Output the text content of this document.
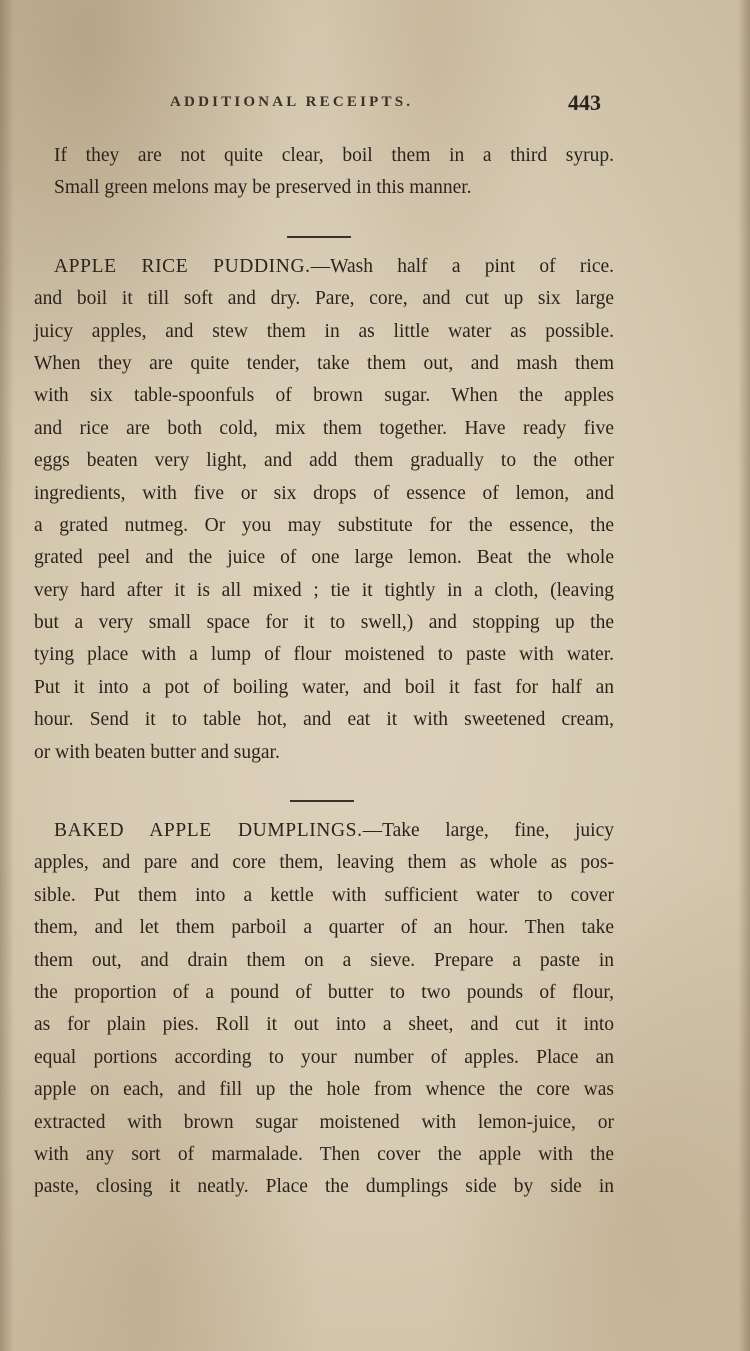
ADDITIONAL RECEIPTS.	443
If they are not quite clear, boil them in a third syrup.
Small green melons may be preserved in this manner.
APPLE RICE PUDDING.—Wash half a pint of rice.
and boil it till soft and dry. Pare, core, and cut up six large
juicy apples, and stew them in as little water as possible.
When they are quite tender, take them out, and mash them
with six table-spoonfuls of brown sugar. When the apples
and rice are both cold, mix them together. Have ready five
eggs beaten very light, and add them gradually to the other
ingredients, with five or six drops of essence of lemon, and
a grated nutmeg. Or you may substitute for the essence, the
grated peel and the juice of one large lemon. Beat the whole
very hard after it is all mixed ; tie it tightly in a cloth, (leaving
but a very small space for it to swell,) and stopping up the
tying place with a lump of flour moistened to paste with water.
Put it into a pot of boiling water, and boil it fast for half an
hour. Send it to table hot, and eat it with sweetened cream,
or with beaten butter and sugar.
BAKED APPLE DUMPLINGS.—Take large, fine, juicy
apples, and pare and core them, leaving them as whole as pos-
sible. Put them into a kettle with sufficient water to cover
them, and let them parboil a quarter of an hour. Then take
them out, and drain them on a sieve. Prepare a paste in
the proportion of a pound of butter to two pounds of flour,
as for plain pies. Roll it out into a sheet, and cut it into
equal portions according to your number of apples. Place an
apple on each, and fill up the hole from whence the core was
extracted with brown sugar moistened with lemon-juice, or
with any sort of marmalade. Then cover the apple with the
paste, closing it neatly. Place the dumplings side by side in
